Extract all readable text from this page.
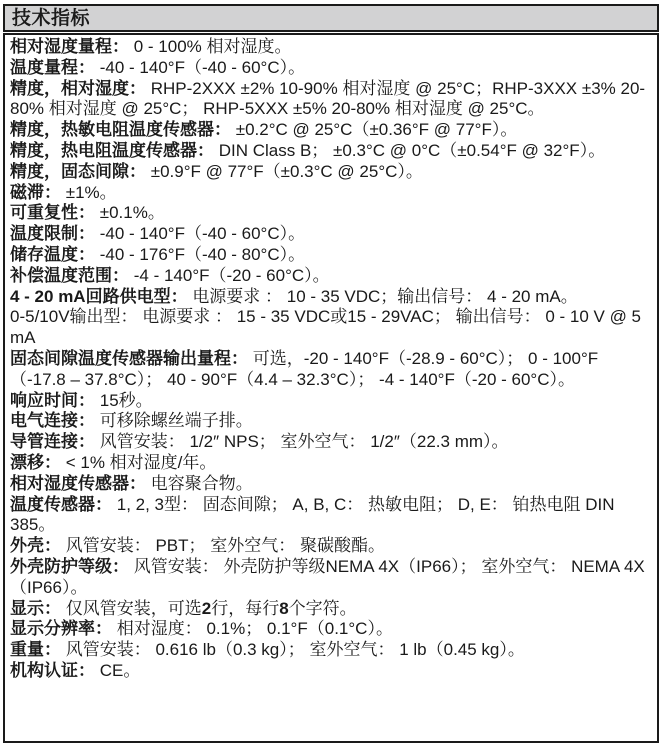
技术指标
相对湿度量程： 0 - 100% 相对湿度。
温度量程： -40 - 140°F（-40 - 60°C）。
精度，相对湿度： RHP-2XXX ±2% 10-90% 相对湿度 @ 25°C；RHP-3XXX ±3% 20-80% 相对湿度 @ 25°C； RHP-5XXX ±5% 20-80% 相对湿度 @ 25°C。
精度，热敏电阻温度传感器： ±0.2°C @ 25°C（±0.36°F @ 77°F）。
精度，热电阻温度传感器： DIN Class B； ±0.3°C @ 0°C（±0.54°F @ 32°F）。
精度，固态间隙： ±0.9°F @ 77°F（±0.3°C @ 25°C）。
磁滞： ±1%。
可重复性： ±0.1%。
温度限制： -40 - 140°F（-40 - 60°C）。
储存温度： -40 - 176°F（-40 - 80°C）。
补偿温度范围： -4 - 140°F（-20 - 60°C）。
4 - 20 mA回路供电型： 电源要求 ： 10 - 35 VDC；输出信号： 4 - 20 mA。
0-5/10V输出型： 电源要求 ： 15 - 35 VDC或15 - 29VAC； 输出信号： 0 - 10 V @ 5 mA
固态间隙温度传感器输出量程： 可选，-20 - 140°F（-28.9 - 60°C）； 0 - 100°F（-17.8 – 37.8°C）； 40 - 90°F（4.4 – 32.3°C）； -4 - 140°F（-20 - 60°C）。
响应时间： 15秒。
电气连接： 可移除螺丝端子排。
导管连接： 风管安装： 1/2″ NPS； 室外空气： 1/2″（22.3 mm）。
漂移： < 1% 相对湿度/年。
相对湿度传感器： 电容聚合物。
温度传感器： 1, 2, 3型： 固态间隙； A, B, C： 热敏电阻； D, E： 铂热电阻 DIN 385。
外壳： 风管安装： PBT； 室外空气： 聚碳酸酯。
外壳防护等级： 风管安装： 外壳防护等级NEMA 4X（IP66）； 室外空气： NEMA 4X（IP66）。
显示： 仅风管安装，可选2行，每行8个字符。
显示分辨率： 相对湿度： 0.1%； 0.1°F（0.1°C）。
重量： 风管安装： 0.616 lb（0.3 kg）； 室外空气： 1 lb（0.45 kg）。
机构认证： CE。
